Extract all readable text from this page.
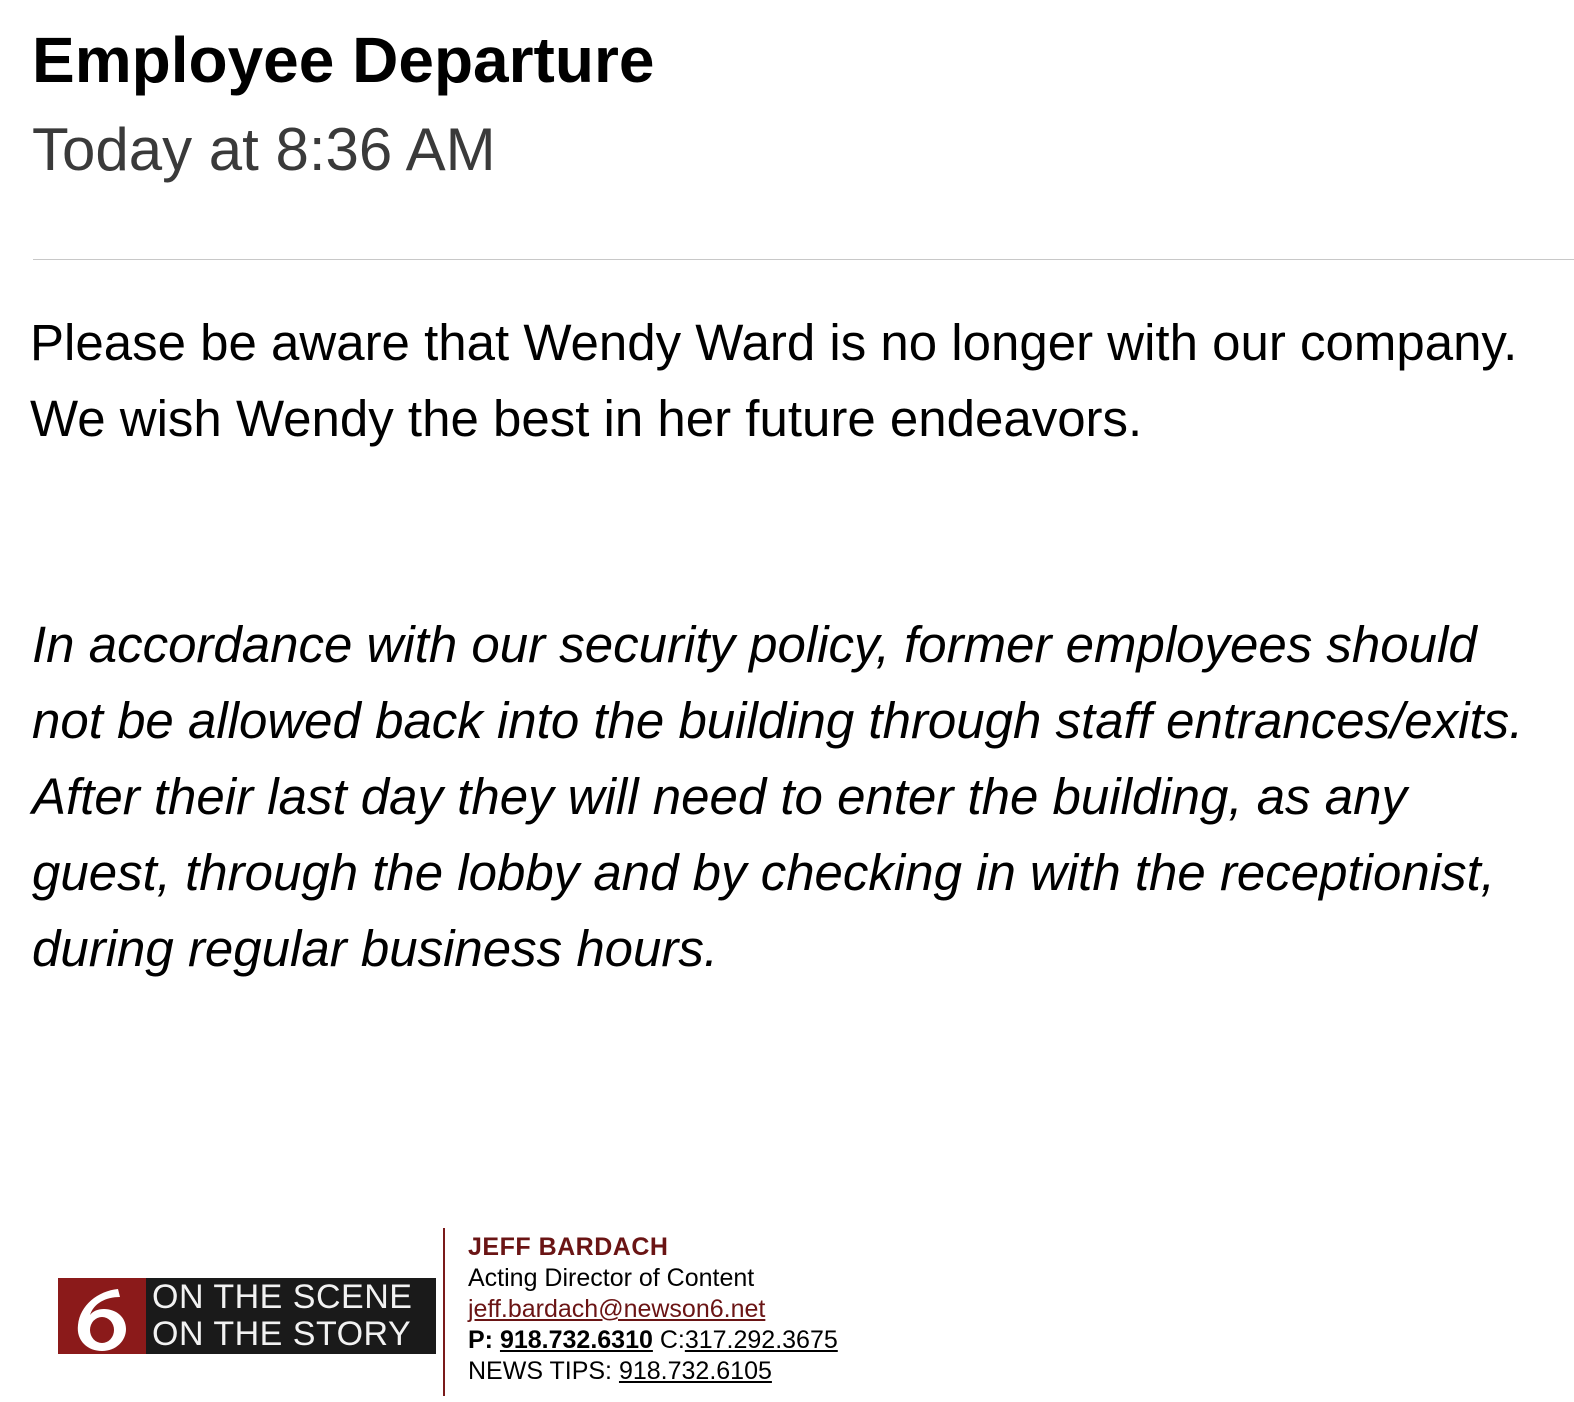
Employee Departure
Today at 8:36 AM

Please be aware that Wendy Ward is no longer with our company.  We wish Wendy the best in her future endeavors.

In accordance with our security policy, former employees should not be allowed back into the building through staff entrances/exits.  After their last day they will need to enter the building, as any guest, through the lobby and by checking in with the receptionist, during regular business hours.

ON THE SCENE
ON THE STORY
JEFF BARDACH
Acting Director of Content
jeff.bardach@newson6.net
P: 918.732.6310 C:317.292.3675
NEWS TIPS: 918.732.6105
